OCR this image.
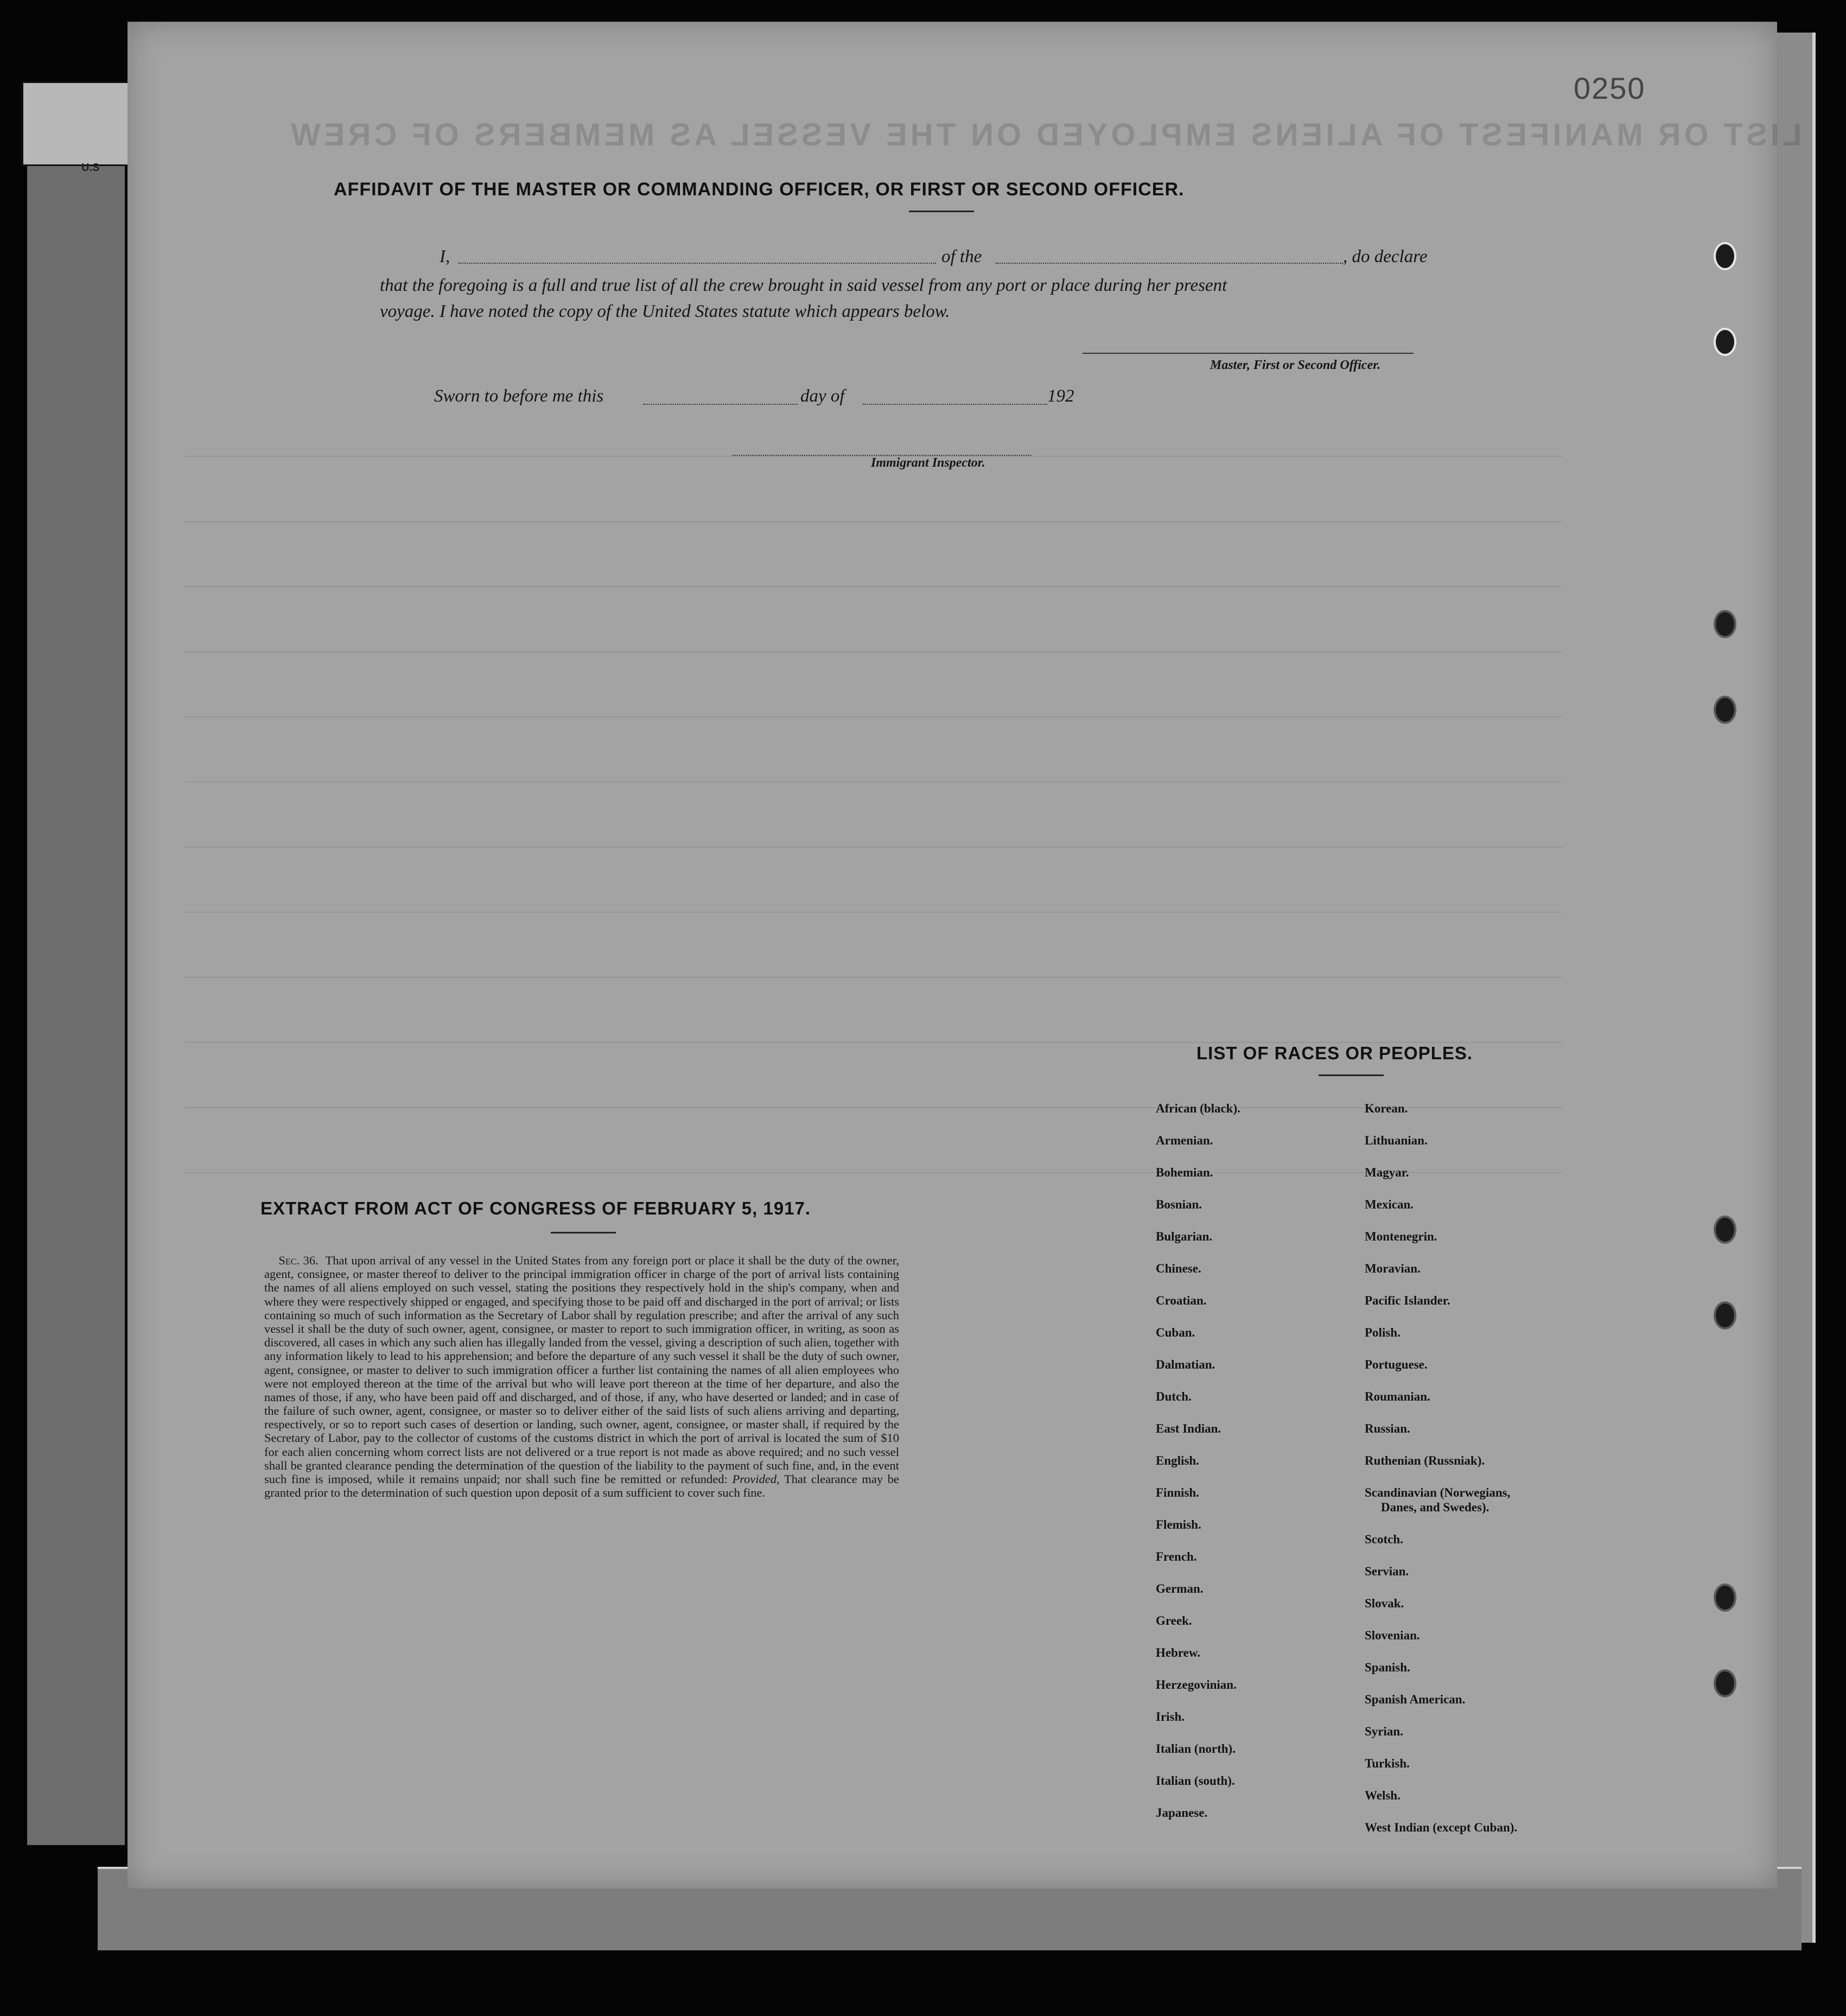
U.S
0250
LIST OR MANIFEST OF ALIENS EMPLOYED ON THE VESSEL AS MEMBERS OF CREW
AFFIDAVIT OF THE MASTER OR COMMANDING OFFICER, OR FIRST OR SECOND OFFICER.
I,	of the	, do declare
that the foregoing is a full and true list of all the crew brought in said vessel from any port or place during her present
voyage. I have noted the copy of the United States statute which appears below.
Master, First or Second Officer.
Sworn to before me this	day of	192
Immigrant Inspector.
EXTRACT FROM ACT OF CONGRESS OF FEBRUARY 5, 1917.

Sec. 36. That upon arrival of any vessel in the United States from any foreign port or place it shall be the duty of the owner, agent, consignee, or master thereof to deliver to the principal immigration officer in charge of the port of arrival lists containing the names of all aliens employed on such vessel, stating the positions they respectively hold in the ship's company, when and where they were respectively shipped or engaged, and specifying those to be paid off and discharged in the port of arrival; or lists containing so much of such information as the Secretary of Labor shall by regulation prescribe; and after the arrival of any such vessel it shall be the duty of such owner, agent, consignee, or master to report to such immigration officer, in writing, as soon as discovered, all cases in which any such alien has illegally landed from the vessel, giving a description of such alien, together with any information likely to lead to his apprehension; and before the departure of any such vessel it shall be the duty of such owner, agent, consignee, or master to deliver to such immigration officer a further list containing the names of all alien employees who were not employed thereon at the time of the arrival but who will leave port thereon at the time of her departure, and also the names of those, if any, who have been paid off and discharged, and of those, if any, who have deserted or landed; and in case of the failure of such owner, agent, consignee, or master so to deliver either of the said lists of such aliens arriving and departing, respectively, or so to report such cases of desertion or landing, such owner, agent, consignee, or master shall, if required by the Secretary of Labor, pay to the collector of customs of the customs district in which the port of arrival is located the sum of $10 for each alien concerning whom correct lists are not delivered or a true report is not made as above required; and no such vessel shall be granted clearance pending the determination of the question of the liability to the payment of such fine, and, in the event such fine is imposed, while it remains unpaid; nor shall such fine be remitted or refunded: Provided, That clearance may be granted prior to the determination of such question upon deposit of a sum sufficient to cover such fine.

LIST OF RACES OR PEOPLES.
African (black).
Armenian.
Bohemian.
Bosnian.
Bulgarian.
Chinese.
Croatian.
Cuban.
Dalmatian.
Dutch.
East Indian.
English.
Finnish.
Flemish.
French.
German.
Greek.
Hebrew.
Herzegovinian.
Irish.
Italian (north).
Italian (south).
Japanese.
Korean.
Lithuanian.
Magyar.
Mexican.
Montenegrin.
Moravian.
Pacific Islander.
Polish.
Portuguese.
Roumanian.
Russian.
Ruthenian (Russniak).
Scandinavian (Norwegians,
Danes, and Swedes).
Scotch.
Servian.
Slovak.
Slovenian.
Spanish.
Spanish American.
Syrian.
Turkish.
Welsh.
West Indian (except Cuban).
